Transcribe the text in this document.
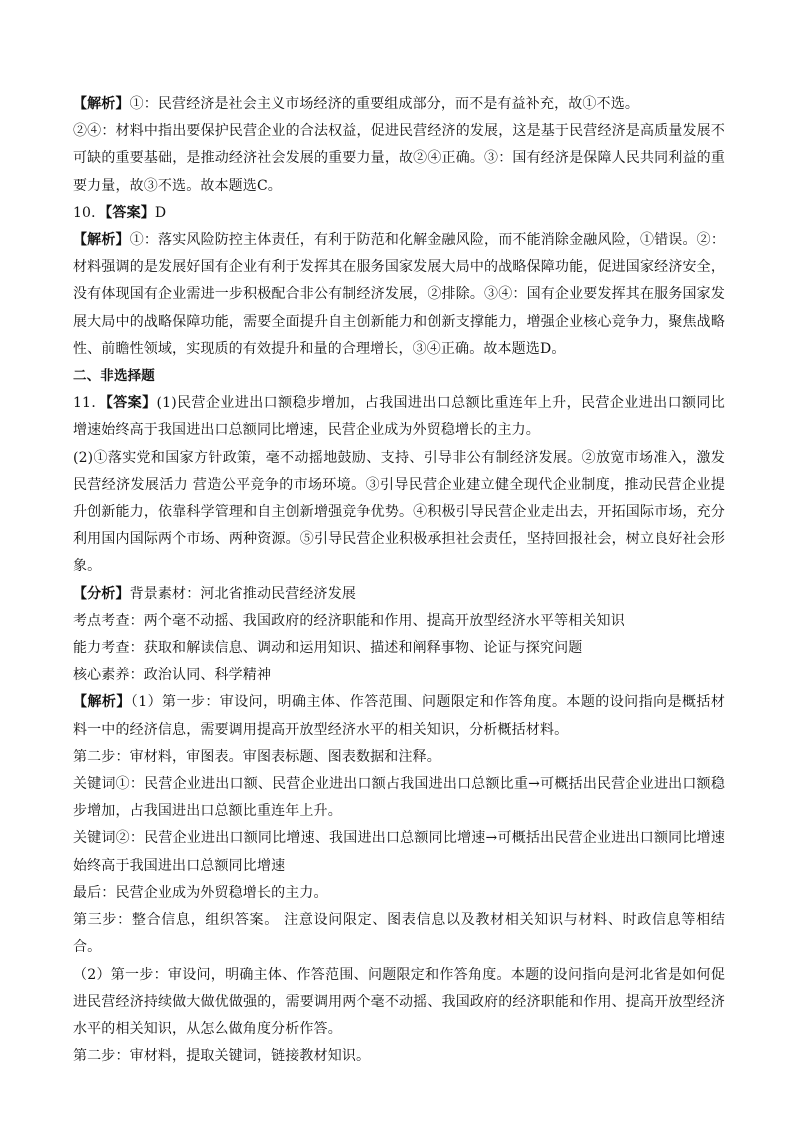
【解析】①：民营经济是社会主义市场经济的重要组成部分，而不是有益补充，故①不选。

②④：材料中指出要保护民营企业的合法权益，促进民营经济的发展，这是基于民营经济是高质量发展不可缺的重要基础，是推动经济社会发展的重要力量，故②④正确。③：国有经济是保障人民共同利益的重要力量，故③不选。故本题选C。

10．【答案】D

【解析】①：落实风险防控主体责任，有利于防范和化解金融风险，而不能消除金融风险，①错误。②：材料强调的是发展好国有企业有利于发挥其在服务国家发展大局中的战略保障功能，促进国家经济安全，没有体现国有企业需进一步积极配合非公有制经济发展，②排除。③④：国有企业要发挥其在服务国家发展大局中的战略保障功能，需要全面提升自主创新能力和创新支撑能力，增强企业核心竞争力，聚焦战略性、前瞻性领域，实现质的有效提升和量的合理增长，③④正确。故本题选D。

二、非选择题

11．【答案】(1)民营企业进出口额稳步增加，占我国进出口总额比重连年上升，民营企业进出口额同比增速始终高于我国进出口总额同比增速，民营企业成为外贸稳增长的主力。

(2)①落实党和国家方针政策，毫不动摇地鼓励、支持、引导非公有制经济发展。②放宽市场准入，激发民营经济发展活力 营造公平竞争的市场环境。③引导民营企业建立健全现代企业制度，推动民营企业提升创新能力，依靠科学管理和自主创新增强竞争优势。④积极引导民营企业走出去，开拓国际市场，充分利用国内国际两个市场、两种资源。⑤引导民营企业积极承担社会责任，坚持回报社会，树立良好社会形象。

【分析】背景素材：河北省推动民营经济发展

考点考查：两个毫不动摇、我国政府的经济职能和作用、提高开放型经济水平等相关知识

能力考查：获取和解读信息、调动和运用知识、描述和阐释事物、论证与探究问题

核心素养：政治认同、科学精神

【解析】（1）第一步：审设问，明确主体、作答范围、问题限定和作答角度。本题的设问指向是概括材料一中的经济信息，需要调用提高开放型经济水平的相关知识，分析概括材料。

第二步：审材料，审图表。审图表标题、图表数据和注释。

关键词①：民营企业进出口额、民营企业进出口额占我国进出口总额比重→可概括出民营企业进出口额稳步增加，占我国进出口总额比重连年上升。

关键词②：民营企业进出口额同比增速、我国进出口总额同比增速→可概括出民营企业进出口额同比增速始终高于我国进出口总额同比增速

最后：民营企业成为外贸稳增长的主力。

第三步：整合信息，组织答案。 注意设问限定、图表信息以及教材相关知识与材料、时政信息等相结合。

（2）第一步：审设问，明确主体、作答范围、问题限定和作答角度。本题的设问指向是河北省是如何促进民营经济持续做大做优做强的，需要调用两个毫不动摇、我国政府的经济职能和作用、提高开放型经济水平的相关知识，从怎么做角度分析作答。

第二步：审材料，提取关键词，链接教材知识。
